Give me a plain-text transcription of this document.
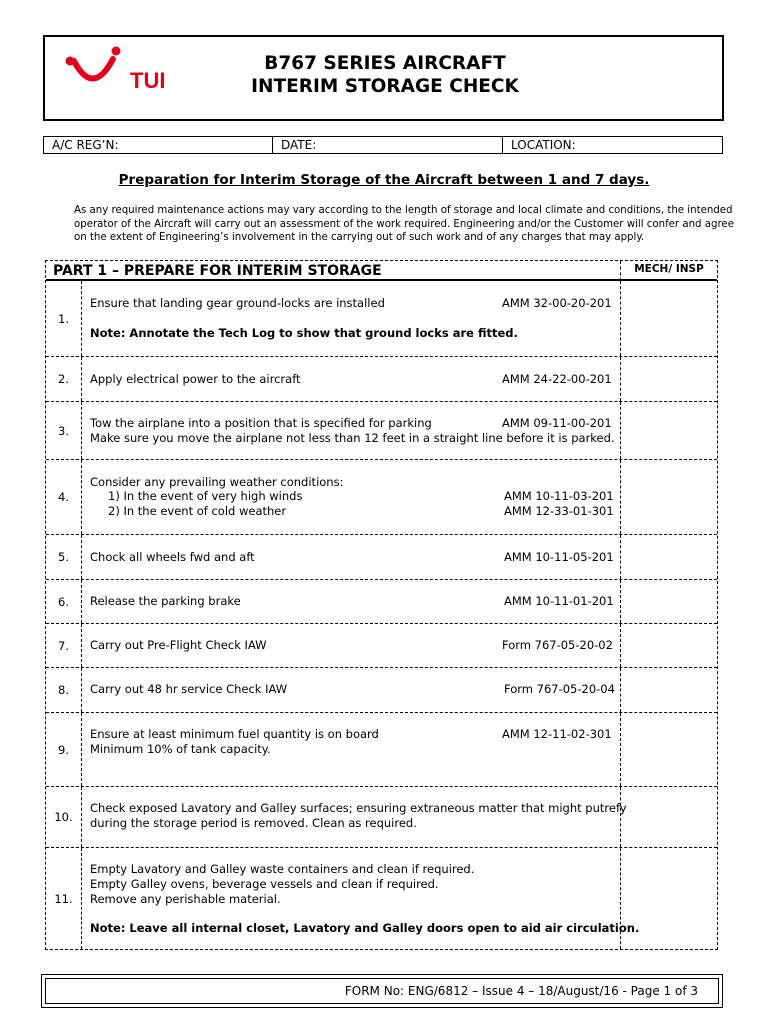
TUI
B767 SERIES AIRCRAFT
INTERIM STORAGE CHECK
A/C REG’N:	DATE:	LOCATION:
Preparation for Interim Storage of the Aircraft between 1 and 7 days.
As any required maintenance actions may vary according to the length of storage and local climate and conditions, the intended
operator of the Aircraft will carry out an assessment of the work required. Engineering and/or the Customer will confer and agree
on the extent of Engineering’s involvement in the carrying out of such work and of any charges that may apply.
PART 1 – PREPARE FOR INTERIM STORAGE	MECH/ INSP
1.
Ensure that landing gear ground-locks are installed	AMM 32-00-20-201
Note: Annotate the Tech Log to show that ground locks are fitted.
2.	Apply electrical power to the aircraft	AMM 24-22-00-201
3.
Tow the airplane into a position that is specified for parking	AMM 09-11-00-201
Make sure you move the airplane not less than 12 feet in a straight line before it is parked.
4.
Consider any prevailing weather conditions:
1) In the event of very high winds	AMM 10-11-03-201
2) In the event of cold weather	AMM 12-33-01-301
5.	Chock all wheels fwd and aft	AMM 10-11-05-201
6.	Release the parking brake	AMM 10-11-01-201
7.	Carry out Pre-Flight Check IAW	Form 767-05-20-02
8.	Carry out 48 hr service Check IAW	Form 767-05-20-04
9.
Ensure at least minimum fuel quantity is on board	AMM 12-11-02-301
Minimum 10% of tank capacity.
10.
Check exposed Lavatory and Galley surfaces; ensuring extraneous matter that might putrefy
during the storage period is removed. Clean as required.
11.
Empty Lavatory and Galley waste containers and clean if required.
Empty Galley ovens, beverage vessels and clean if required.
Remove any perishable material.
Note: Leave all internal closet, Lavatory and Galley doors open to aid air circulation.
FORM No: ENG/6812 – Issue 4 – 18/August/16 - Page 1 of 3
